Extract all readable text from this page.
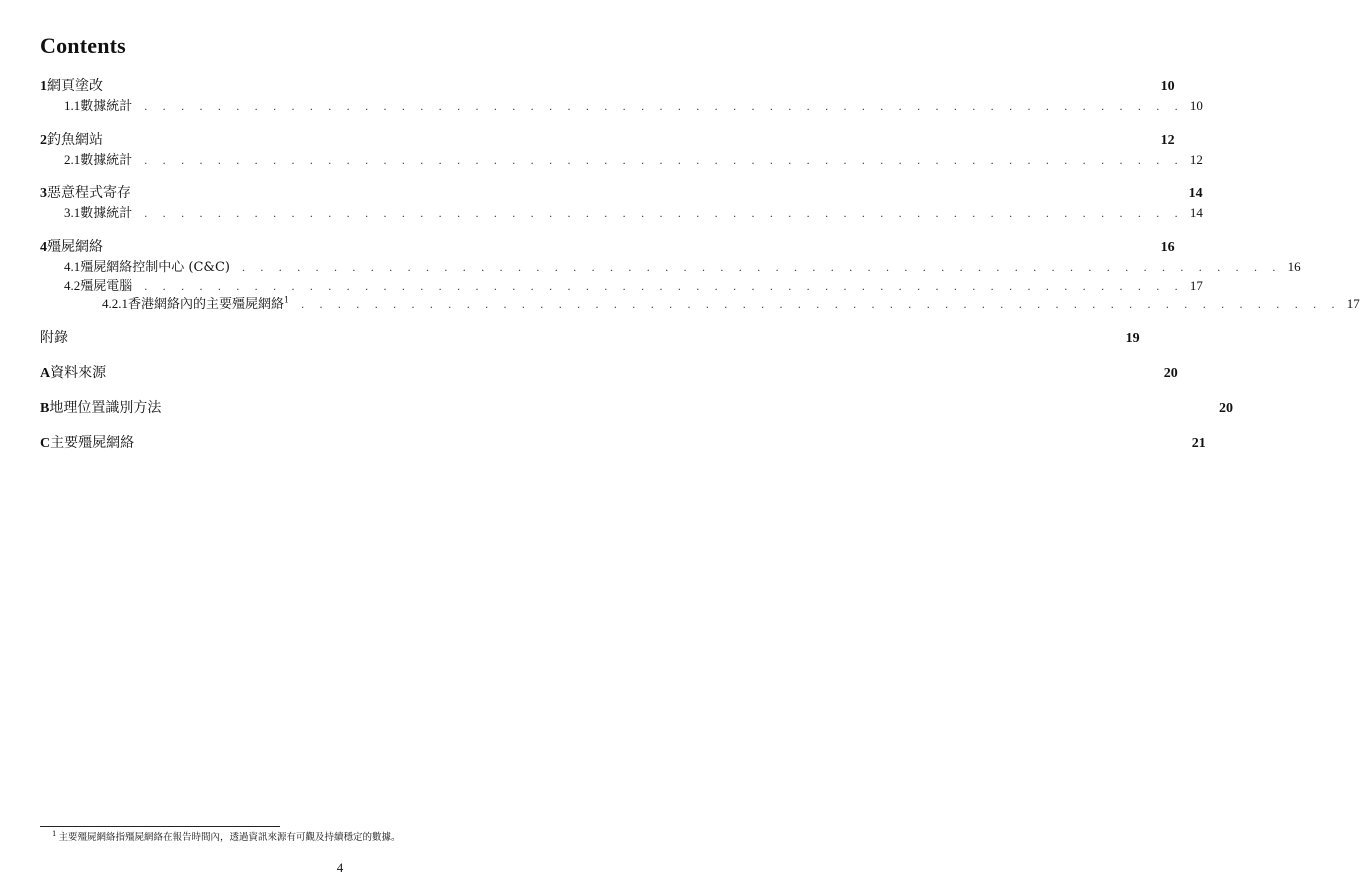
Contents
1 網頁塗改	10
1.1 數據統計 . . . . . . . . . . . . . . . . . . . . . . . . . . . . . . . . . . . . . . . . . . . . . . . . . . . . . . . . . 10
2 釣魚網站	12
2.1 數據統計 . . . . . . . . . . . . . . . . . . . . . . . . . . . . . . . . . . . . . . . . . . . . . . . . . . . . . . . . . 12
3 惡意程式寄存	14
3.1 數據統計 . . . . . . . . . . . . . . . . . . . . . . . . . . . . . . . . . . . . . . . . . . . . . . . . . . . . . . . . . 14
4 殭屍網絡	16
4.1 殭屍網絡控制中心 (C&C) . . . . . . . . . . . . . . . . . . . . . . . . . . . . . . . . . . . . . . . . . . . . . . . . . . . . . . . . . 16
4.2 殭屍電腦 . . . . . . . . . . . . . . . . . . . . . . . . . . . . . . . . . . . . . . . . . . . . . . . . . . . . . . . . . 17
4.2.1 香港網絡內的主要殭屍網絡$^1$ . . . . . . . . . . . . . . . . . . . . . . . . . . . . . . . . . . . . . . . . . . . . . . . . . . . . . . . . . 17
附錄	19
A 資料來源	20
B 地理位置識別方法	20
C 主要殭屍網絡	21
$^1$ 主要殭屍網絡指殭屍網絡在報告時間內，透過資訊來源有可觀及持續穩定的數據。
4
